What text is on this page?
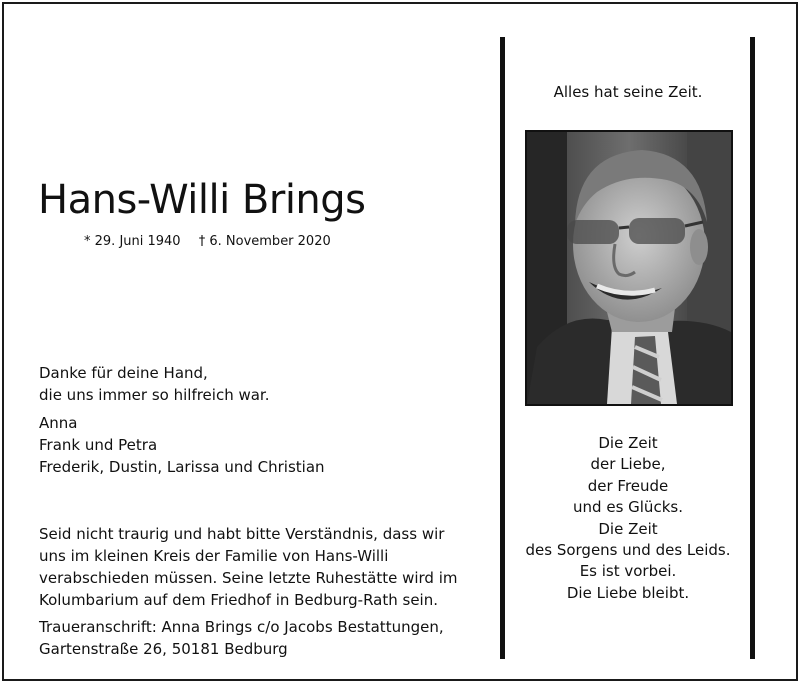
Hans-Willi Brings
* 29. Juni 1940 † 6. November 2020
Danke für deine Hand,
die uns immer so hilfreich war.
Anna
Frank und Petra
Frederik, Dustin, Larissa und Christian
Seid nicht traurig und habt bitte Verständnis, dass wir
uns im kleinen Kreis der Familie von Hans-Willi
verabschieden müssen. Seine letzte Ruhestätte wird im
Kolumbarium auf dem Friedhof in Bedburg-Rath sein.
Traueranschrift: Anna Brings c/o Jacobs Bestattungen,
Gartenstraße 26, 50181 Bedburg
Alles hat seine Zeit.
Die Zeit
der Liebe,
der Freude
und es Glücks.
Die Zeit
des Sorgens und des Leids.
Es ist vorbei.
Die Liebe bleibt.
